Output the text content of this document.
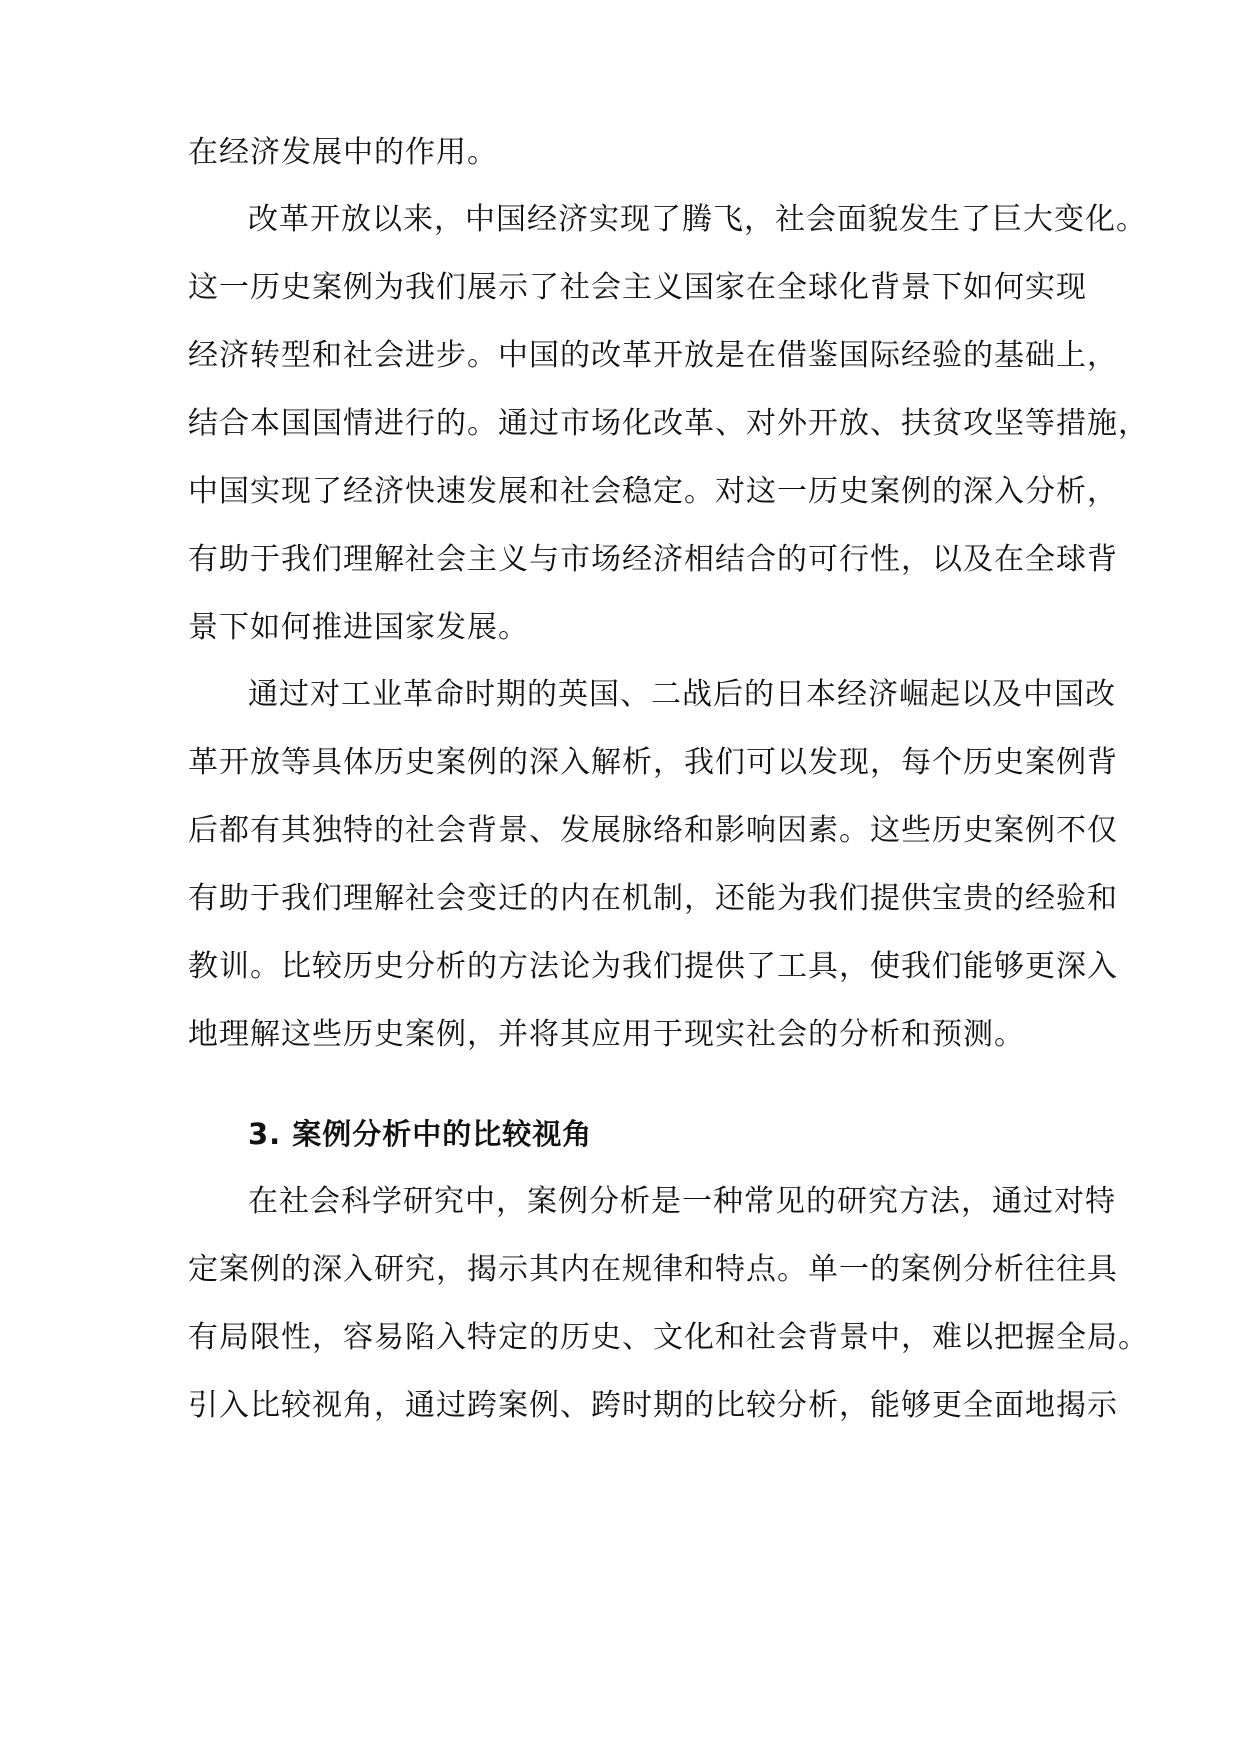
在经济发展中的作用。
改革开放以来，中国经济实现了腾飞，社会面貌发生了巨大变化。
这一历史案例为我们展示了社会主义国家在全球化背景下如何实现
经济转型和社会进步。中国的改革开放是在借鉴国际经验的基础上，
结合本国国情进行的。通过市场化改革、对外开放、扶贫攻坚等措施，
中国实现了经济快速发展和社会稳定。对这一历史案例的深入分析，
有助于我们理解社会主义与市场经济相结合的可行性，以及在全球背
景下如何推进国家发展。
通过对工业革命时期的英国、二战后的日本经济崛起以及中国改
革开放等具体历史案例的深入解析，我们可以发现，每个历史案例背
后都有其独特的社会背景、发展脉络和影响因素。这些历史案例不仅
有助于我们理解社会变迁的内在机制，还能为我们提供宝贵的经验和
教训。比较历史分析的方法论为我们提供了工具，使我们能够更深入
地理解这些历史案例，并将其应用于现实社会的分析和预测。
3. 案例分析中的比较视角
在社会科学研究中，案例分析是一种常见的研究方法，通过对特
定案例的深入研究，揭示其内在规律和特点。单一的案例分析往往具
有局限性，容易陷入特定的历史、文化和社会背景中，难以把握全局。
引入比较视角，通过跨案例、跨时期的比较分析，能够更全面地揭示
